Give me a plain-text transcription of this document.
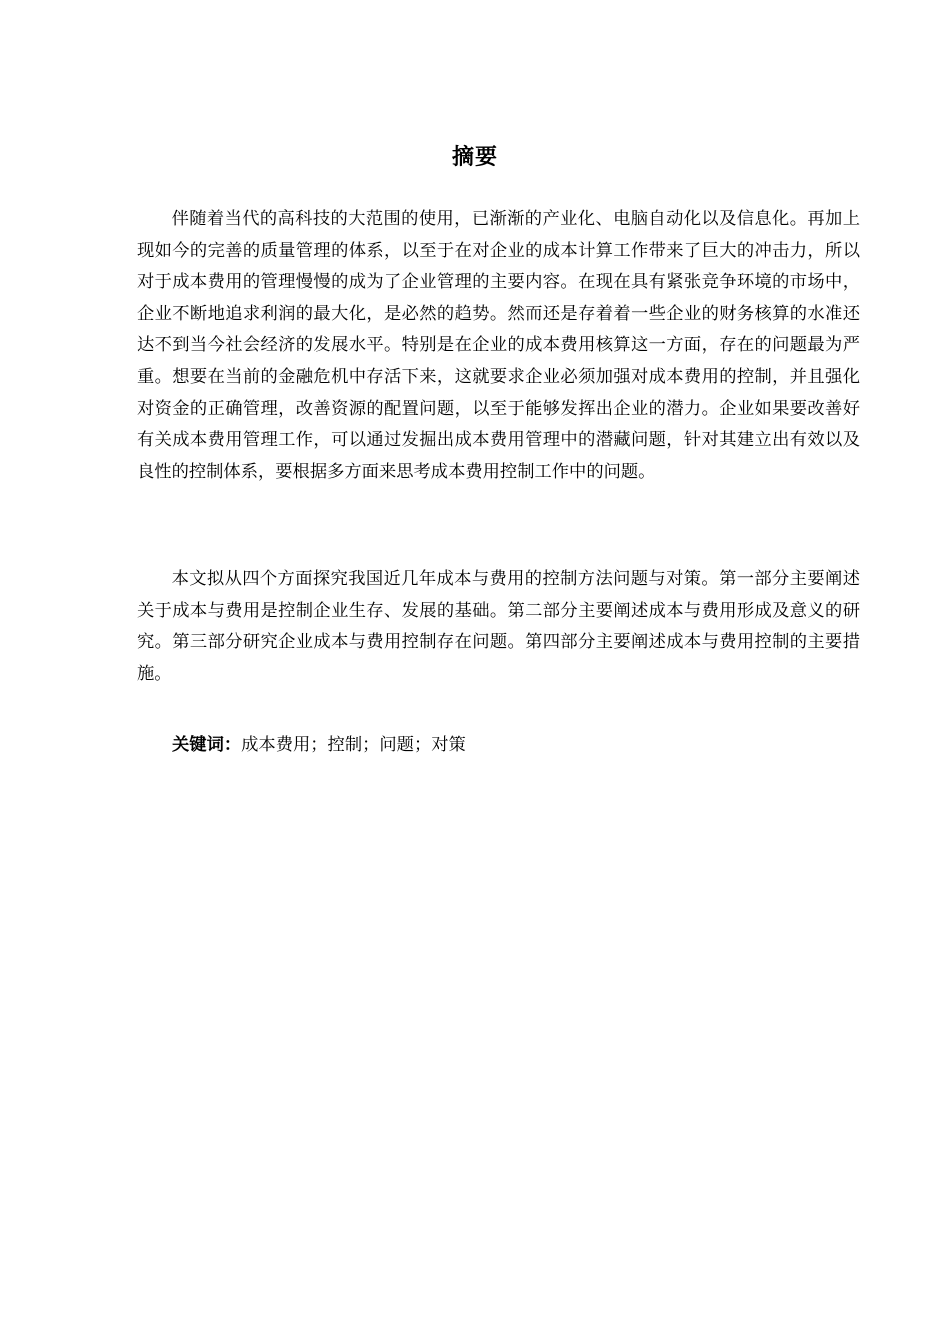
摘要

伴随着当代的高科技的大范围的使用，已渐渐的产业化、电脑自动化以及信息化。再加上现如今的完善的质量管理的体系，以至于在对企业的成本计算工作带来了巨大的冲击力，所以对于成本费用的管理慢慢的成为了企业管理的主要内容。在现在具有紧张竞争环境的市场中，企业不断地追求利润的最大化，是必然的趋势。然而还是存着着一些企业的财务核算的水准还达不到当今社会经济的发展水平。特别是在企业的成本费用核算这一方面，存在的问题最为严重。想要在当前的金融危机中存活下来，这就要求企业必须加强对成本费用的控制，并且强化对资金的正确管理，改善资源的配置问题，以至于能够发挥出企业的潜力。企业如果要改善好有关成本费用管理工作，可以通过发掘出成本费用管理中的潜藏问题，针对其建立出有效以及良性的控制体系，要根据多方面来思考成本费用控制工作中的问题。

本文拟从四个方面探究我国近几年成本与费用的控制方法问题与对策。第一部分主要阐述关于成本与费用是控制企业生存、发展的基础。第二部分主要阐述成本与费用形成及意义的研究。第三部分研究企业成本与费用控制存在问题。第四部分主要阐述成本与费用控制的主要措施。

关键词：成本费用；控制；问题；对策
